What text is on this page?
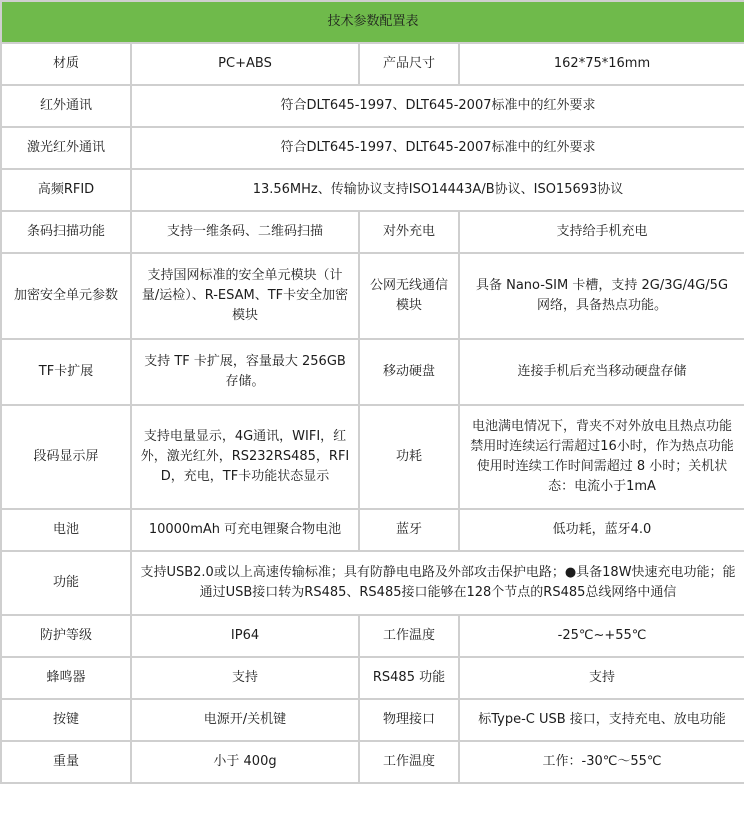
技术参数配置表			
材质	PC+ABS	产品尺寸	162*75*16mm
红外通讯	符合DLT645-1997、DLT645-2007标准中的红外要求		
激光红外通讯	符合DLT645-1997、DLT645-2007标准中的红外要求		
高频RFID	13.56MHz、传输协议支持ISO14443A/B协议、ISO15693协议		
条码扫描功能	支持一维条码、二维码扫描	对外充电	支持给手机充电
加密安全单元参数	支持国网标准的安全单元模块（计量/运检）、R-ESAM、TF卡安全加密模块	公网无线通信模块	具备 Nano-SIM 卡槽，支持 2G/3G/4G/5G 网络，具备热点功能。
TF卡扩展	支持 TF 卡扩展，容量最大 256GB 存储。	移动硬盘	连接手机后充当移动硬盘存储
段码显示屏	支持电量显示，4G通讯，WIFI，红外，激光红外，RS232RS485，RFID，充电，TF卡功能状态显示	功耗	电池满电情况下，背夹不对外放电且热点功能禁用时连续运行需超过16小时，作为热点功能使用时连续工作时间需超过 8 小时；关机状态：电流小于1mA
电池	10000mAh 可充电锂聚合物电池	蓝牙	低功耗，蓝牙4.0
功能	支持USB2.0或以上高速传输标准；具有防静电电路及外部攻击保护电路；●具备18W快速充电功能；能通过USB接口转为RS485、RS485接口能够在128个节点的RS485总线网络中通信		
防护等级	IP64	工作温度	-25℃~+55℃
蜂鸣器	支持	RS485 功能	支持
按键	电源开/关机键	物理接口	标Type-C USB 接口，支持充电、放电功能
重量	小于 400g	工作温度	工作：-30℃～55℃
